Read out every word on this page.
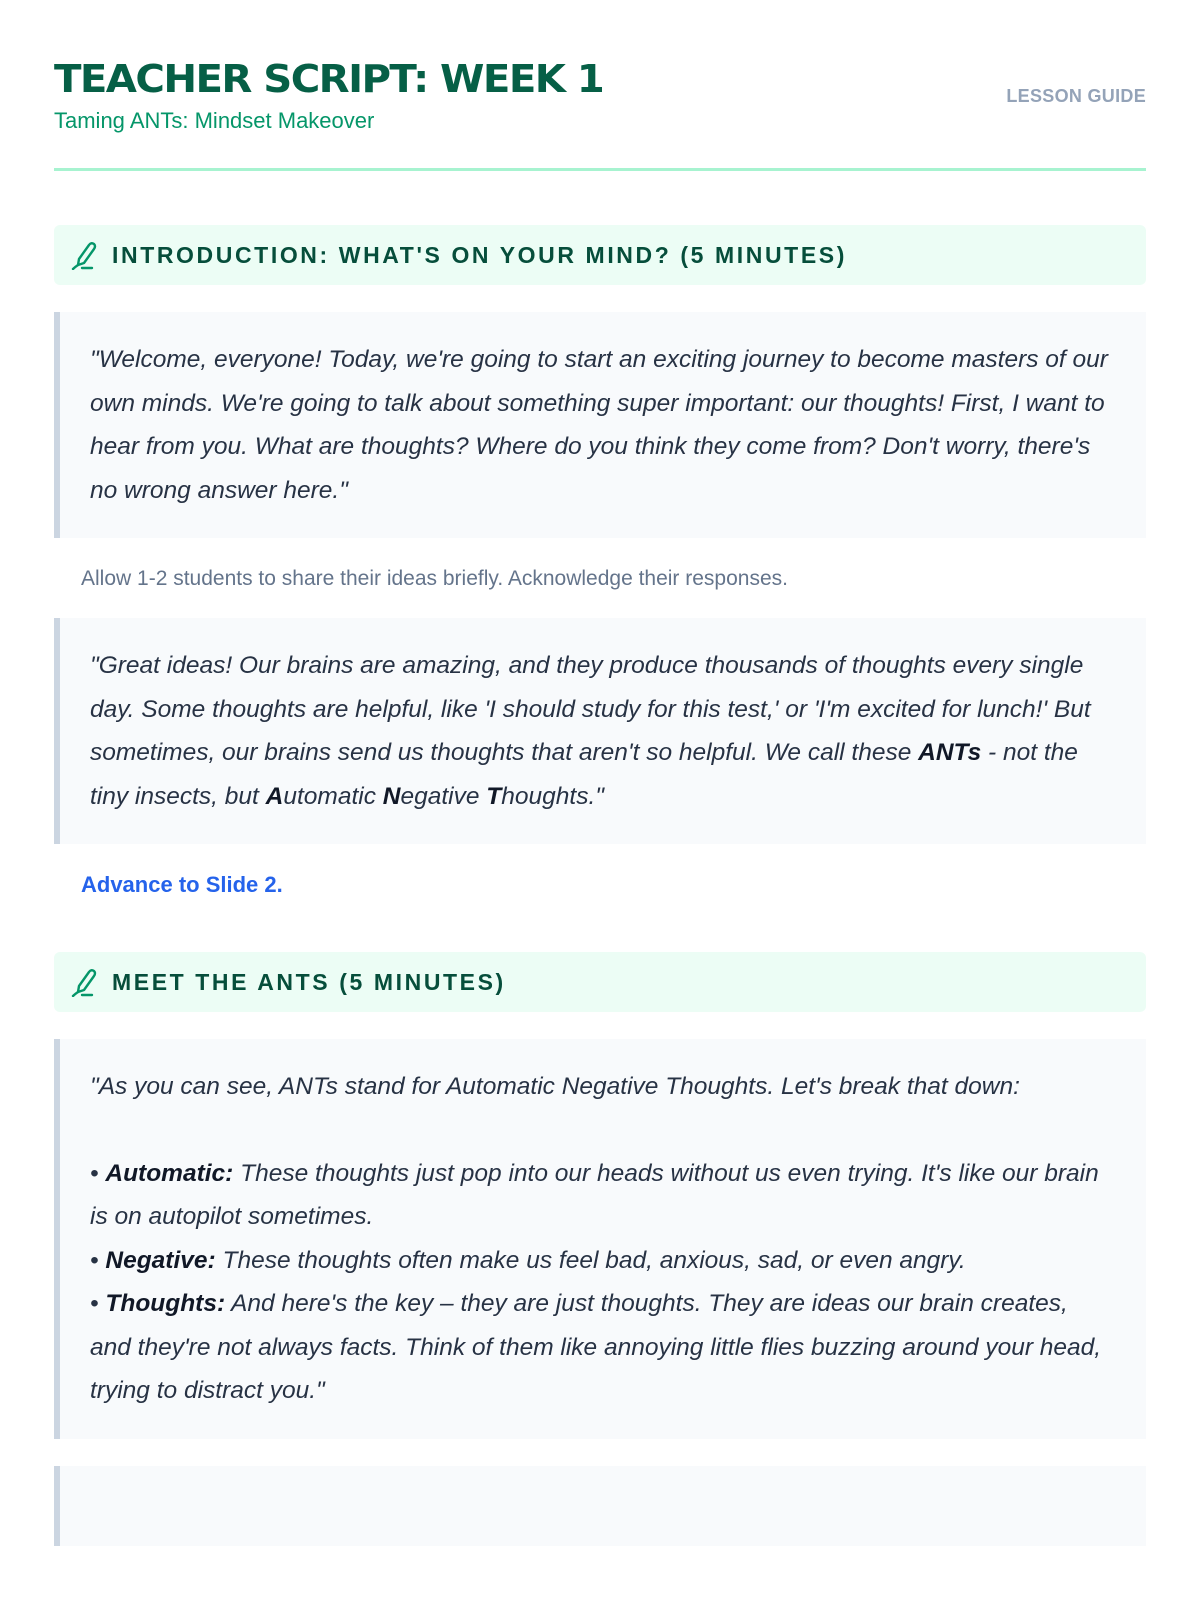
TEACHER SCRIPT: WEEK 1
Taming ANTs: Mindset Makeover
LESSON GUIDE
INTRODUCTION: WHAT'S ON YOUR MIND? (5 MINUTES)
"Welcome, everyone! Today, we're going to start an exciting journey to become masters of our own minds. We're going to talk about something super important: our thoughts! First, I want to hear from you. What are thoughts? Where do you think they come from? Don't worry, there's no wrong answer here."
Allow 1-2 students to share their ideas briefly. Acknowledge their responses.
"Great ideas! Our brains are amazing, and they produce thousands of thoughts every single day. Some thoughts are helpful, like 'I should study for this test,' or 'I'm excited for lunch!' But sometimes, our brains send us thoughts that aren't so helpful. We call these ANTs - not the tiny insects, but Automatic Negative Thoughts."
Advance to Slide 2.
MEET THE ANTS (5 MINUTES)
"As you can see, ANTs stand for Automatic Negative Thoughts. Let's break that down:
• Automatic: These thoughts just pop into our heads without us even trying. It's like our brain is on autopilot sometimes.
• Negative: These thoughts often make us feel bad, anxious, sad, or even angry.
• Thoughts: And here's the key – they are just thoughts. They are ideas our brain creates, and they're not always facts. Think of them like annoying little flies buzzing around your head, trying to distract you."
